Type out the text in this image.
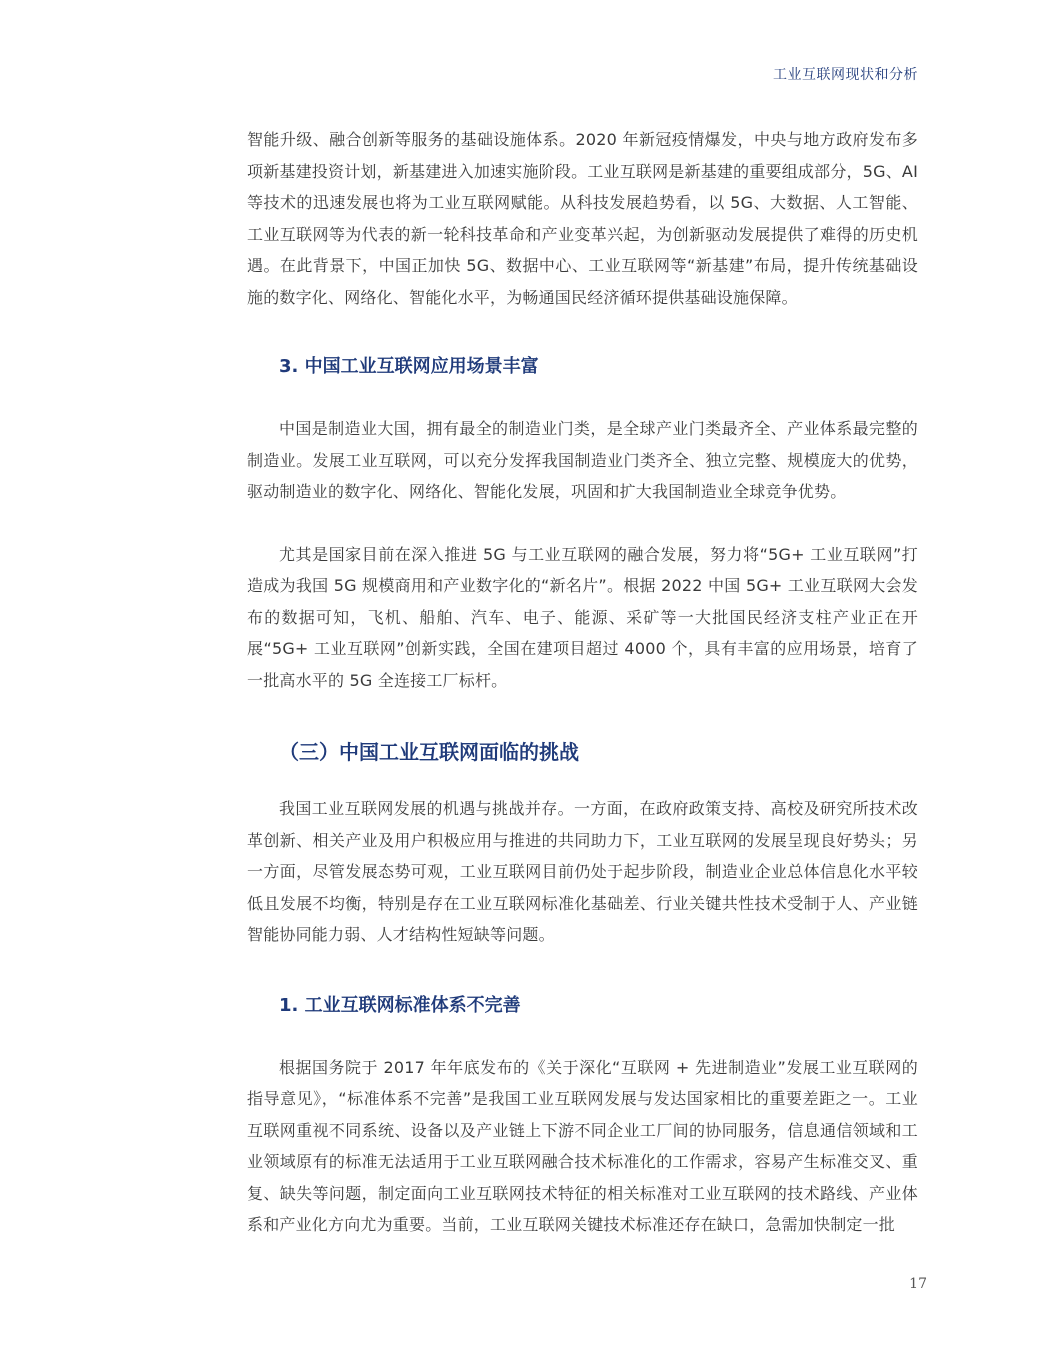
工业互联网现状和分析

智能升级、融合创新等服务的基础设施体系。2020 年新冠疫情爆发，中央与地方政府发布多项新基建投资计划，新基建进入加速实施阶段。工业互联网是新基建的重要组成部分，5G、AI 等技术的迅速发展也将为工业互联网赋能。从科技发展趋势看，以 5G、大数据、人工智能、工业互联网等为代表的新一轮科技革命和产业变革兴起，为创新驱动发展提供了难得的历史机遇。在此背景下，中国正加快 5G、数据中心、工业互联网等“新基建”布局，提升传统基础设施的数字化、网络化、智能化水平，为畅通国民经济循环提供基础设施保障。

3. 中国工业互联网应用场景丰富

中国是制造业大国，拥有最全的制造业门类，是全球产业门类最齐全、产业体系最完整的制造业。发展工业互联网，可以充分发挥我国制造业门类齐全、独立完整、规模庞大的优势，驱动制造业的数字化、网络化、智能化发展，巩固和扩大我国制造业全球竞争优势。

尤其是国家目前在深入推进 5G 与工业互联网的融合发展，努力将“5G+ 工业互联网”打造成为我国 5G 规模商用和产业数字化的“新名片”。根据 2022 中国 5G+ 工业互联网大会发布的数据可知，飞机、船舶、汽车、电子、能源、采矿等一大批国民经济支柱产业正在开展“5G+ 工业互联网”创新实践，全国在建项目超过 4000 个，具有丰富的应用场景，培育了一批高水平的 5G 全连接工厂标杆。

（三）中国工业互联网面临的挑战

我国工业互联网发展的机遇与挑战并存。一方面，在政府政策支持、高校及研究所技术改革创新、相关产业及用户积极应用与推进的共同助力下，工业互联网的发展呈现良好势头；另一方面，尽管发展态势可观，工业互联网目前仍处于起步阶段，制造业企业总体信息化水平较低且发展不均衡，特别是存在工业互联网标准化基础差、行业关键共性技术受制于人、产业链智能协同能力弱、人才结构性短缺等问题。

1. 工业互联网标准体系不完善

根据国务院于 2017 年年底发布的《关于深化“互联网 + 先进制造业”发展工业互联网的指导意见》，“标准体系不完善”是我国工业互联网发展与发达国家相比的重要差距之一。工业互联网重视不同系统、设备以及产业链上下游不同企业工厂间的协同服务，信息通信领域和工业领域原有的标准无法适用于工业互联网融合技术标准化的工作需求，容易产生标准交叉、重复、缺失等问题，制定面向工业互联网技术特征的相关标准对工业互联网的技术路线、产业体系和产业化方向尤为重要。当前，工业互联网关键技术标准还存在缺口，急需加快制定一批

17
